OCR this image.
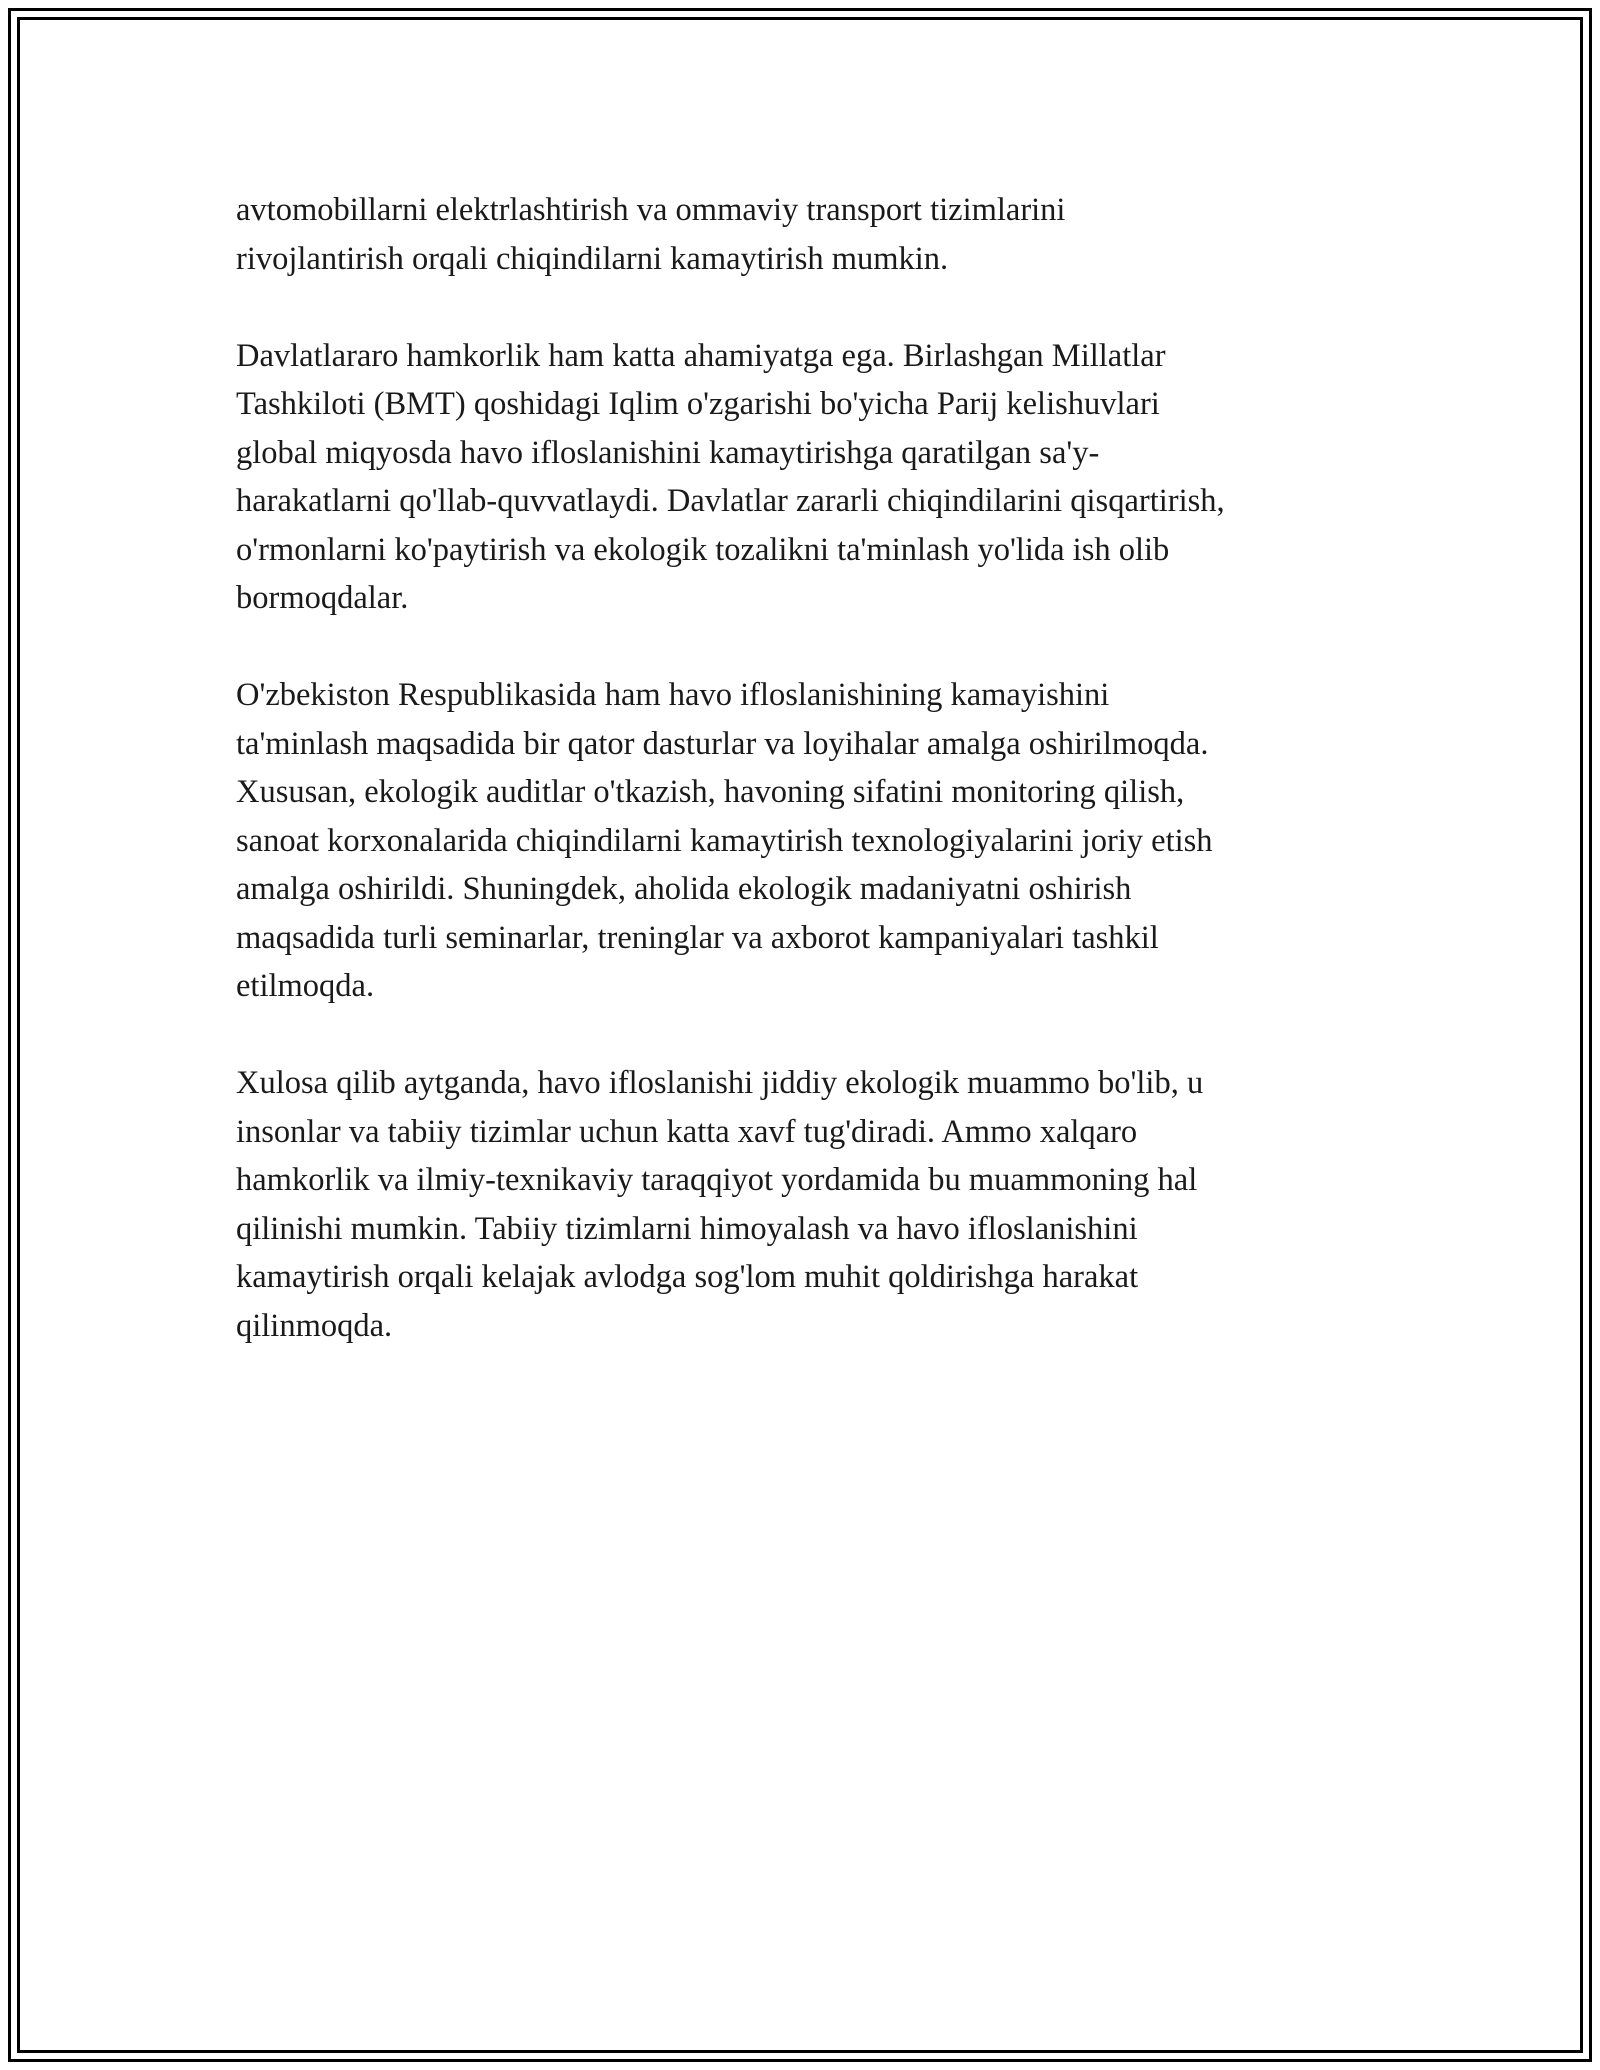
avtomobillarni elektrlashtirish va ommaviy transport tizimlarini
rivojlantirish orqali chiqindilarni kamaytirish mumkin.

Davlatlararo hamkorlik ham katta ahamiyatga ega. Birlashgan Millatlar
Tashkiloti (BMT) qoshidagi Iqlim o'zgarishi bo'yicha Parij kelishuvlari
global miqyosda havo ifloslanishini kamaytirishga qaratilgan sa'y-
harakatlarni qo'llab-quvvatlaydi. Davlatlar zararli chiqindilarini qisqartirish,
o'rmonlarni ko'paytirish va ekologik tozalikni ta'minlash yo'lida ish olib
bormoqdalar.

O'zbekiston Respublikasida ham havo ifloslanishining kamayishini
ta'minlash maqsadida bir qator dasturlar va loyihalar amalga oshirilmoqda.
Xususan, ekologik auditlar o'tkazish, havoning sifatini monitoring qilish,
sanoat korxonalarida chiqindilarni kamaytirish texnologiyalarini joriy etish
amalga oshirildi. Shuningdek, aholida ekologik madaniyatni oshirish
maqsadida turli seminarlar, treninglar va axborot kampaniyalari tashkil
etilmoqda.

Xulosa qilib aytganda, havo ifloslanishi jiddiy ekologik muammo bo'lib, u
insonlar va tabiiy tizimlar uchun katta xavf tug'diradi. Ammo xalqaro
hamkorlik va ilmiy-texnikaviy taraqqiyot yordamida bu muammoning hal
qilinishi mumkin. Tabiiy tizimlarni himoyalash va havo ifloslanishini
kamaytirish orqali kelajak avlodga sog'lom muhit qoldirishga harakat
qilinmoqda.
